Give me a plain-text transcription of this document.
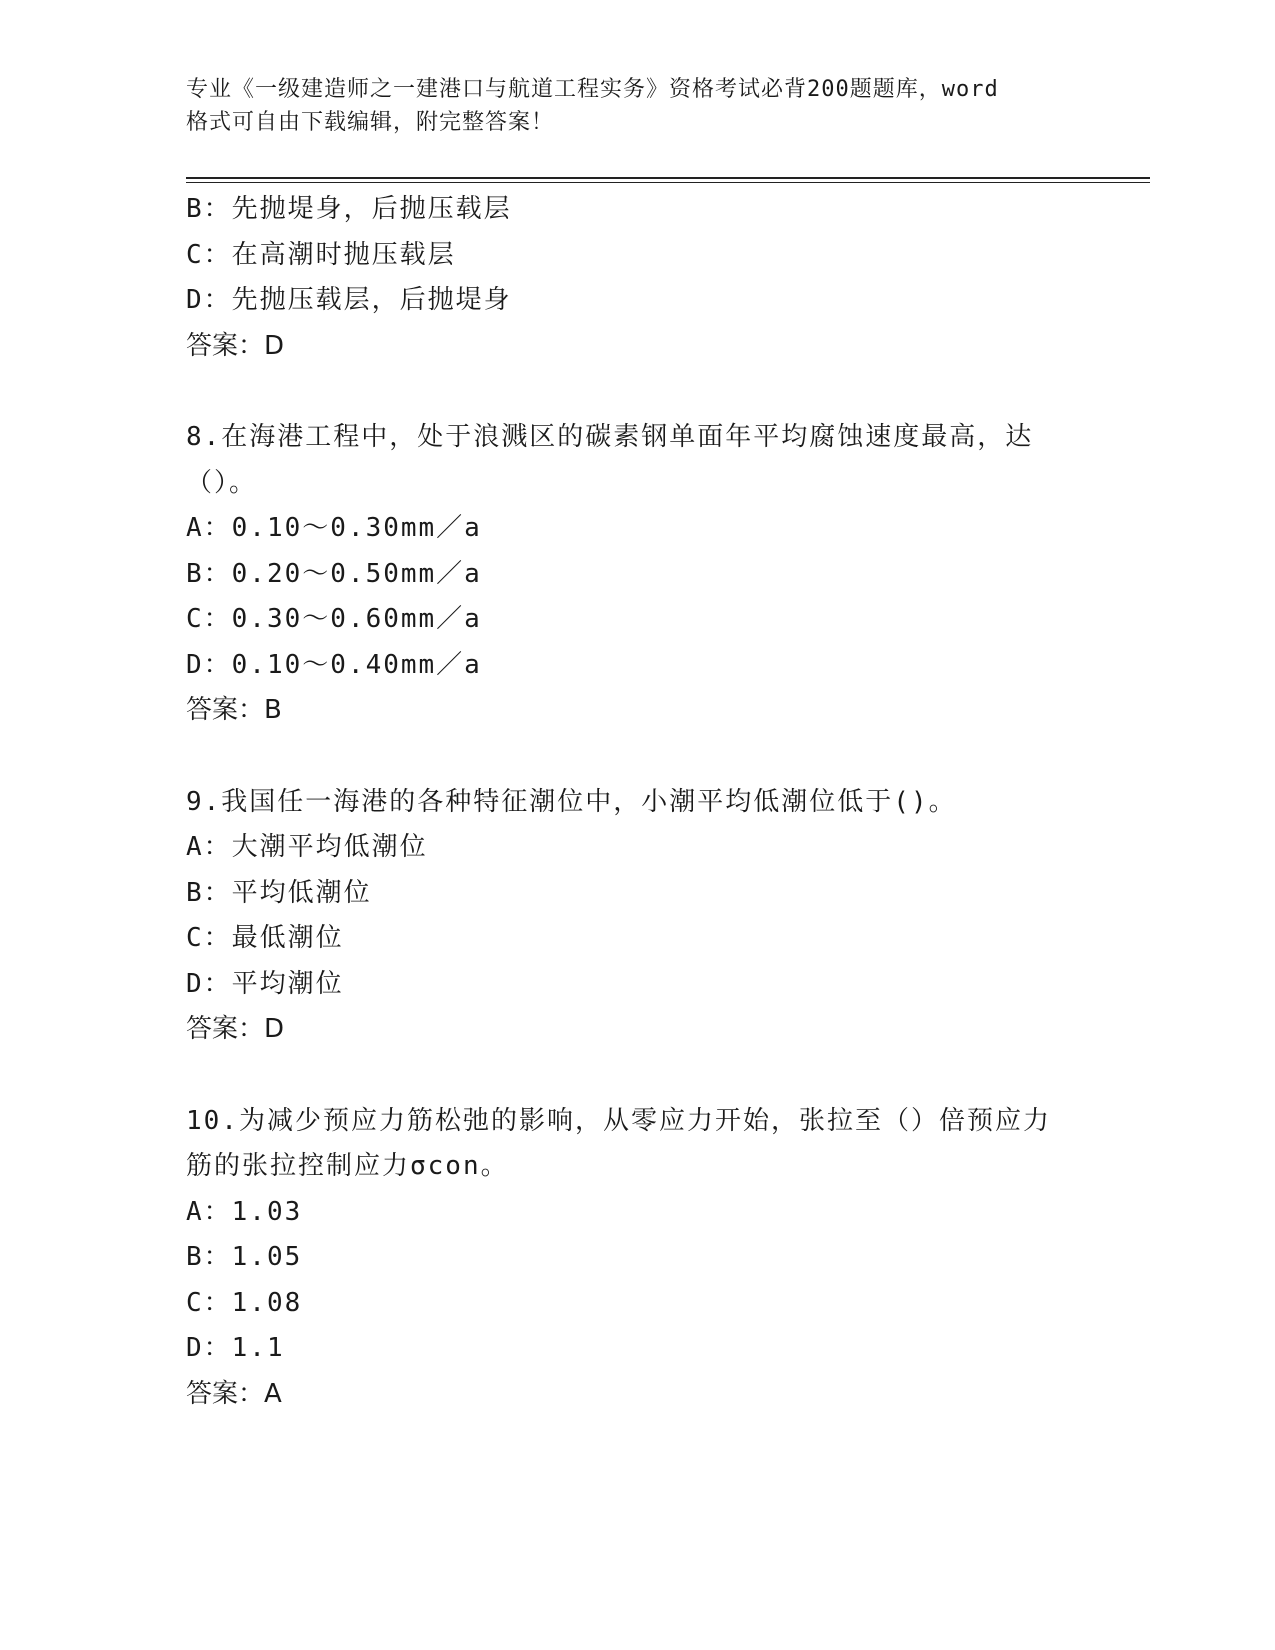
专业《一级建造师之一建港口与航道工程实务》资格考试必背200题题库，word
格式可自由下载编辑，附完整答案！
B：先抛堤身，后抛压载层
C：在高潮时抛压载层
D：先抛压载层，后抛堤身
答案：D
8.在海港工程中，处于浪溅区的碳素钢单面年平均腐蚀速度最高，达
（）。
A：0.10～0.30mm／a
B：0.20～0.50mm／a
C：0.30～0.60mm／a
D：0.10～0.40mm／a
答案：B
9.我国任一海港的各种特征潮位中，小潮平均低潮位低于()。
A：大潮平均低潮位
B：平均低潮位
C：最低潮位
D：平均潮位
答案：D
10.为减少预应力筋松弛的影响，从零应力开始，张拉至（）倍预应力
筋的张拉控制应力σcon。
A：1.03
B：1.05
C：1.08
D：1.1
答案：A
